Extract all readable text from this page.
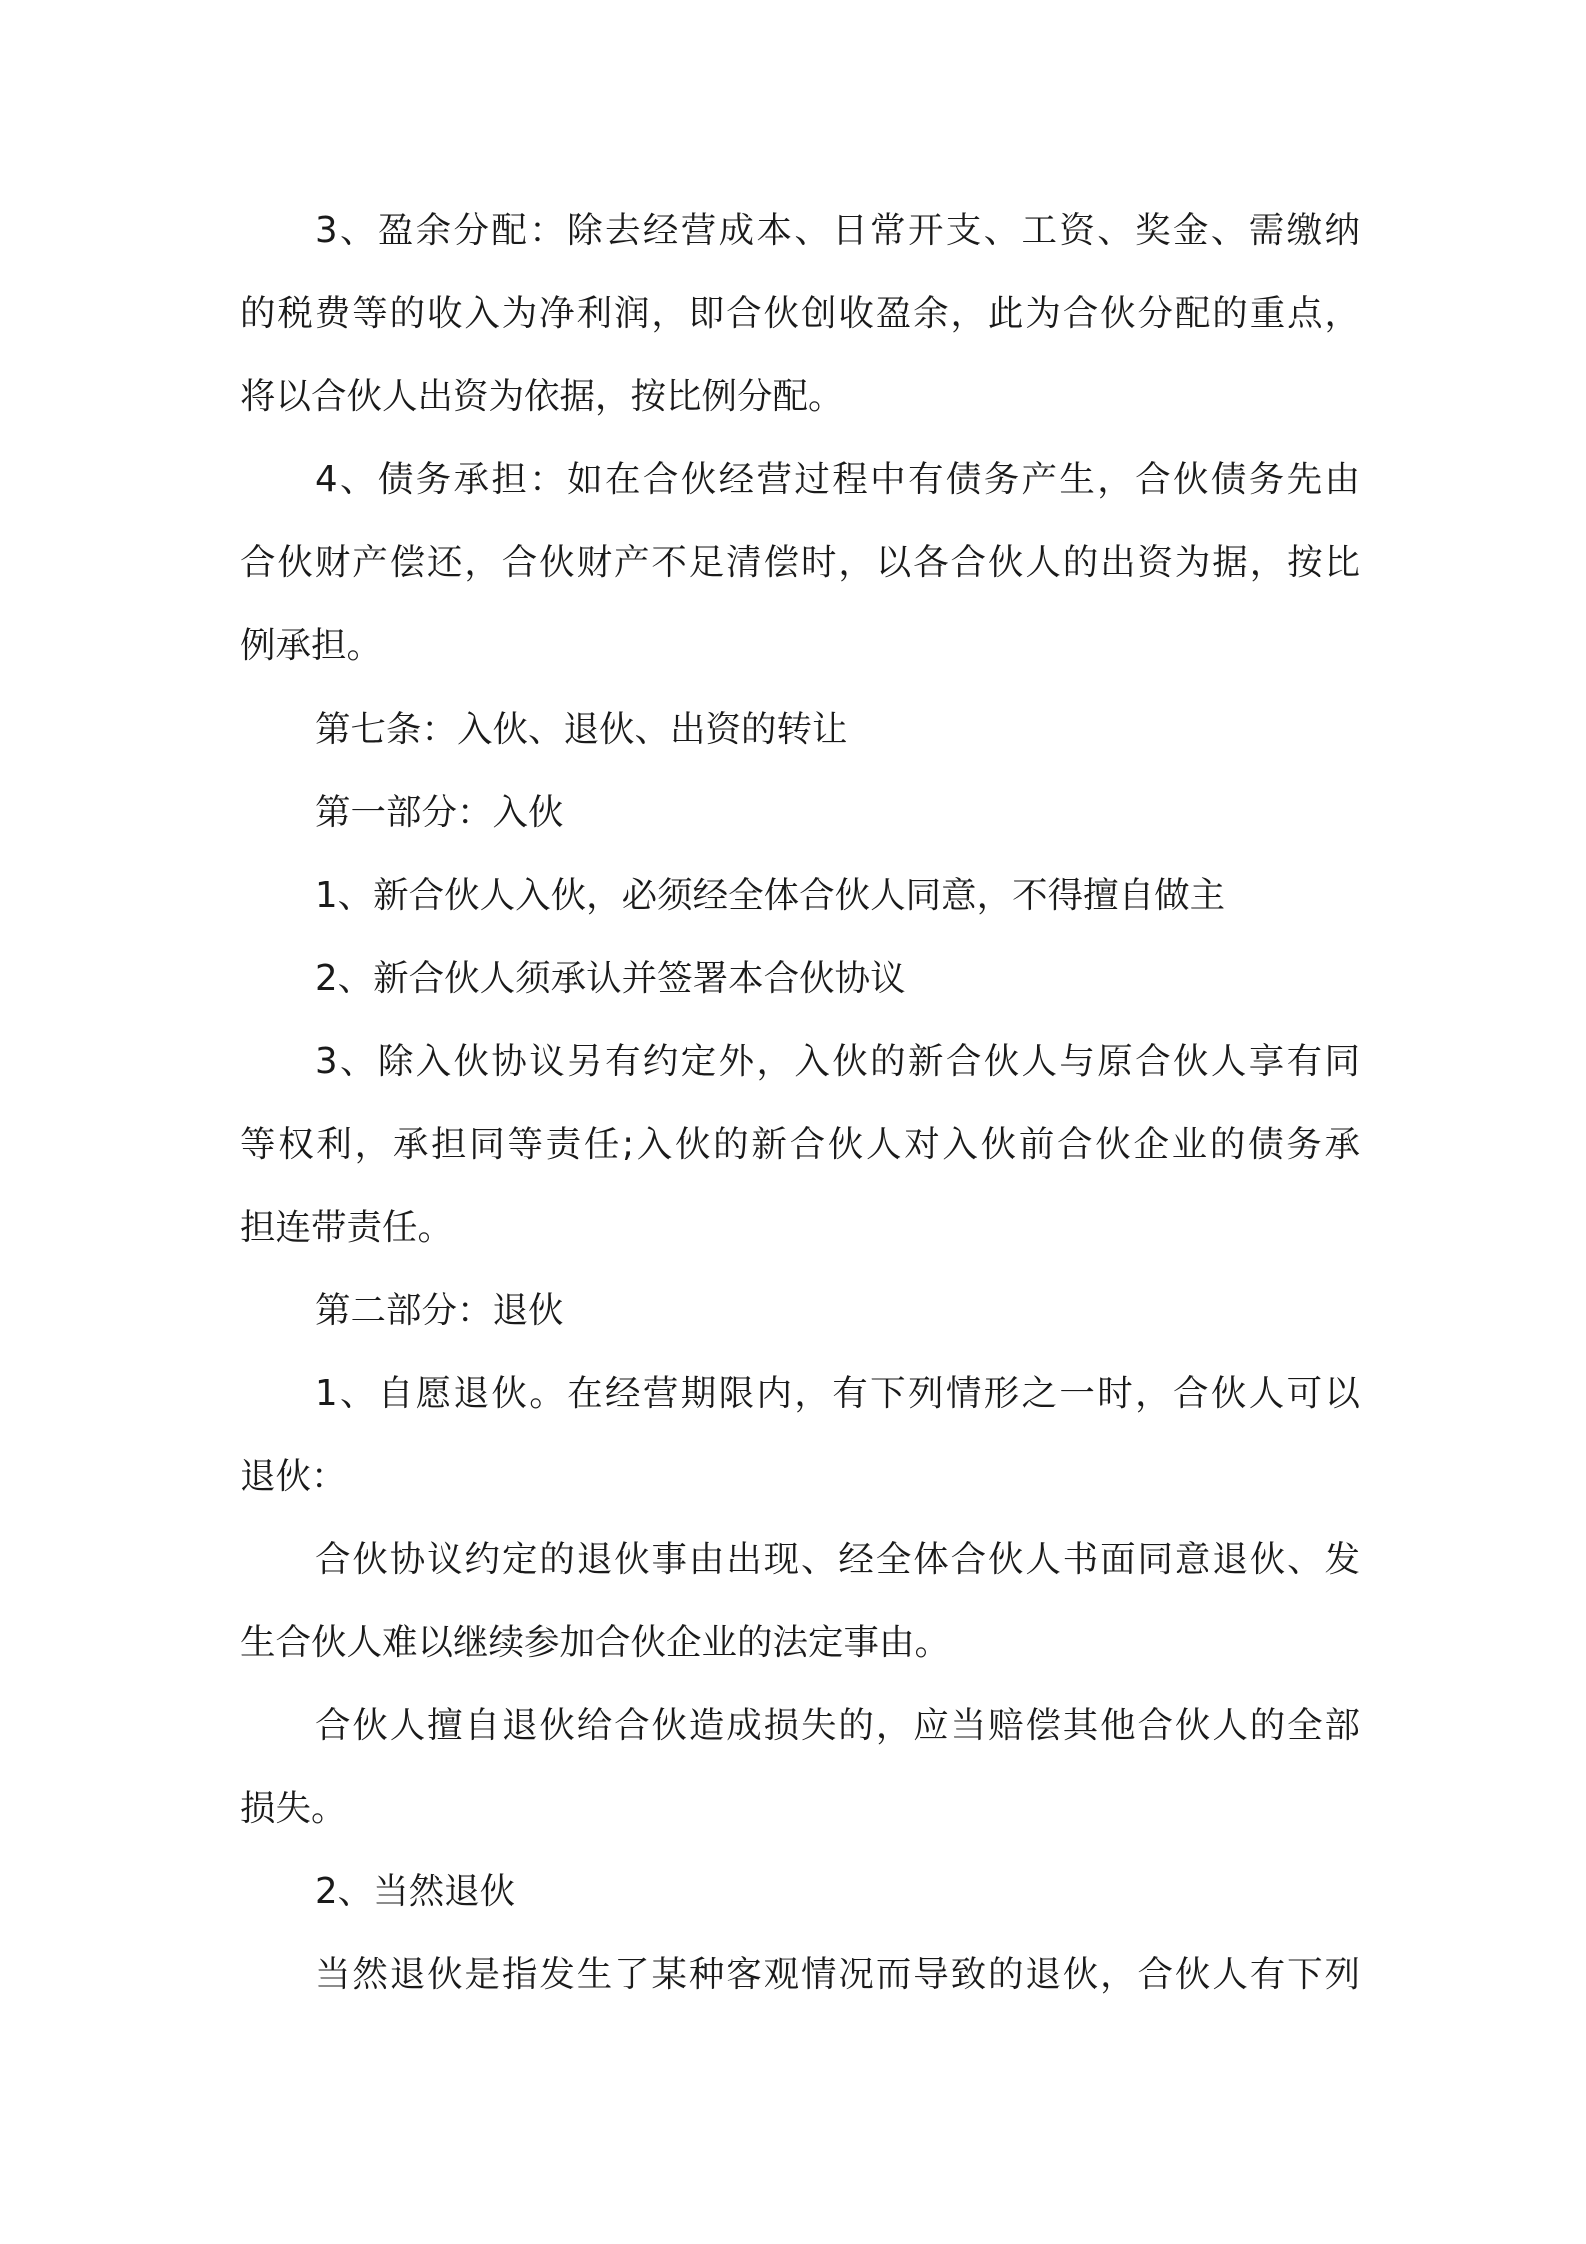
3、盈余分配：除去经营成本、日常开支、工资、奖金、需缴纳
的税费等的收入为净利润，即合伙创收盈余，此为合伙分配的重点，
将以合伙人出资为依据，按比例分配。
4、债务承担：如在合伙经营过程中有债务产生，合伙债务先由
合伙财产偿还，合伙财产不足清偿时，以各合伙人的出资为据，按比
例承担。
第七条：入伙、退伙、出资的转让
第一部分：入伙
1、新合伙人入伙，必须经全体合伙人同意，不得擅自做主
2、新合伙人须承认并签署本合伙协议
3、除入伙协议另有约定外，入伙的新合伙人与原合伙人享有同
等权利，承担同等责任;入伙的新合伙人对入伙前合伙企业的债务承
担连带责任。
第二部分：退伙
1、自愿退伙。在经营期限内，有下列情形之一时，合伙人可以
退伙：
合伙协议约定的退伙事由出现、经全体合伙人书面同意退伙、发
生合伙人难以继续参加合伙企业的法定事由。
合伙人擅自退伙给合伙造成损失的，应当赔偿其他合伙人的全部
损失。
2、当然退伙
当然退伙是指发生了某种客观情况而导致的退伙，合伙人有下列
